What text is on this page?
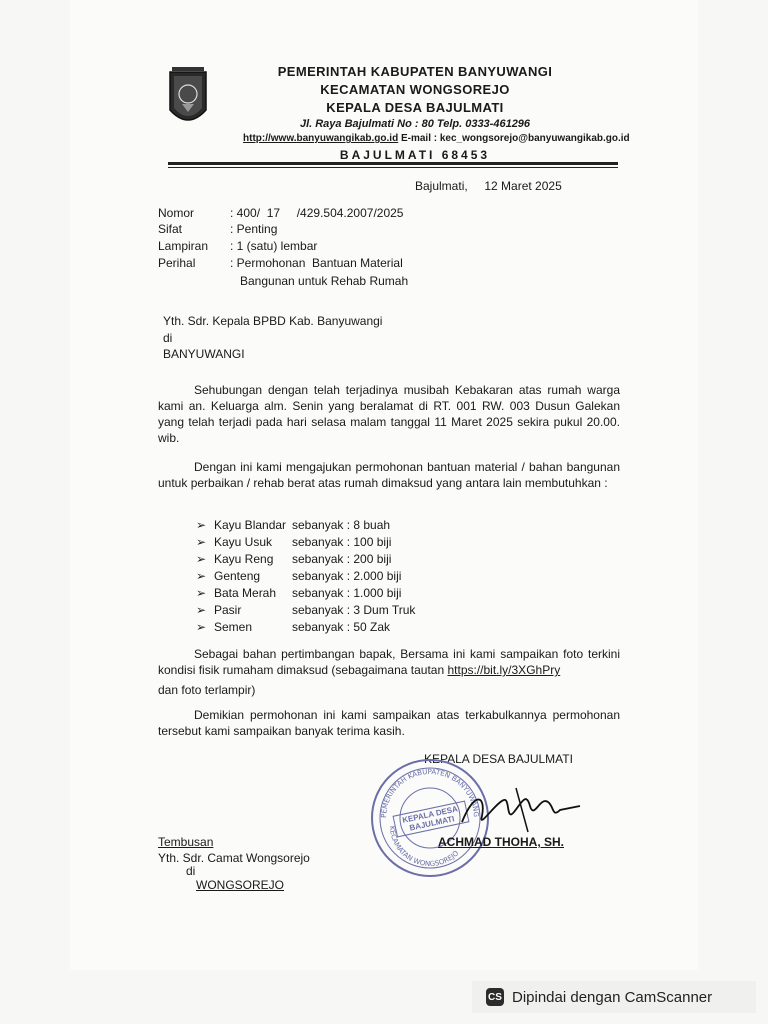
PEMERINTAH KABUPATEN BANYUWANGI
KECAMATAN WONGSOREJO
KEPALA DESA BAJULMATI
Jl. Raya Bajulmati No : 80 Telp. 0333-461296
http://www.banyuwangikab.go.id E-mail : kec_wongsorejo@banyuwangikab.go.id
BAJULMATI 68453
Bajulmati, 12 Maret 2025
Nomor	: 400/  17     /429.504.2007/2025
Sifat	: Penting
Lampiran : 1 (satu) lembar
Perihal	: Permohonan  Bantuan Material
Bangunan untuk Rehab Rumah
Yth. Sdr. Kepala BPBD Kab. Banyuwangi
di
BANYUWANGI
Sehubungan dengan telah terjadinya musibah Kebakaran atas rumah warga kami an. Keluarga alm. Senin yang beralamat di RT. 001 RW. 003 Dusun Galekan yang telah terjadi pada hari selasa malam tanggal 11 Maret 2025 sekira pukul 20.00. wib.
Dengan ini kami mengajukan permohonan bantuan material / bahan bangunan untuk perbaikan / rehab berat atas rumah dimaksud yang antara lain membutuhkan :
➢ Kayu Blandar sebanyak : 8 buah
➢ Kayu Usuk sebanyak : 100 biji
➢ Kayu Reng sebanyak : 200 biji
➢ Genteng	sebanyak : 2.000 biji
➢ Bata Merah sebanyak : 1.000 biji
➢ Pasir	sebanyak : 3 Dum Truk
➢ Semen	sebanyak : 50 Zak
Sebagai bahan pertimbangan bapak, Bersama ini kami sampaikan foto terkini kondisi fisik rumaham dimaksud (sebagaimana tautan https://bit.ly/3XGhPry
dan foto terlampir)
Demikian permohonan ini kami sampaikan atas terkabulkannya permohonan tersebut kami sampaikan banyak terima kasih.
KEPALA DESA BAJULMATI
PEMERINTAH KABUPATEN BANYUWANG
KECAMATAN WONGSOREJO
KEPALA DESA BAJULMATI
ACHMAD THOHA, SH.
Tembusan
Yth. Sdr. Camat Wongsorejo
di
WONGSOREJO
CS Dipindai dengan CamScanner
